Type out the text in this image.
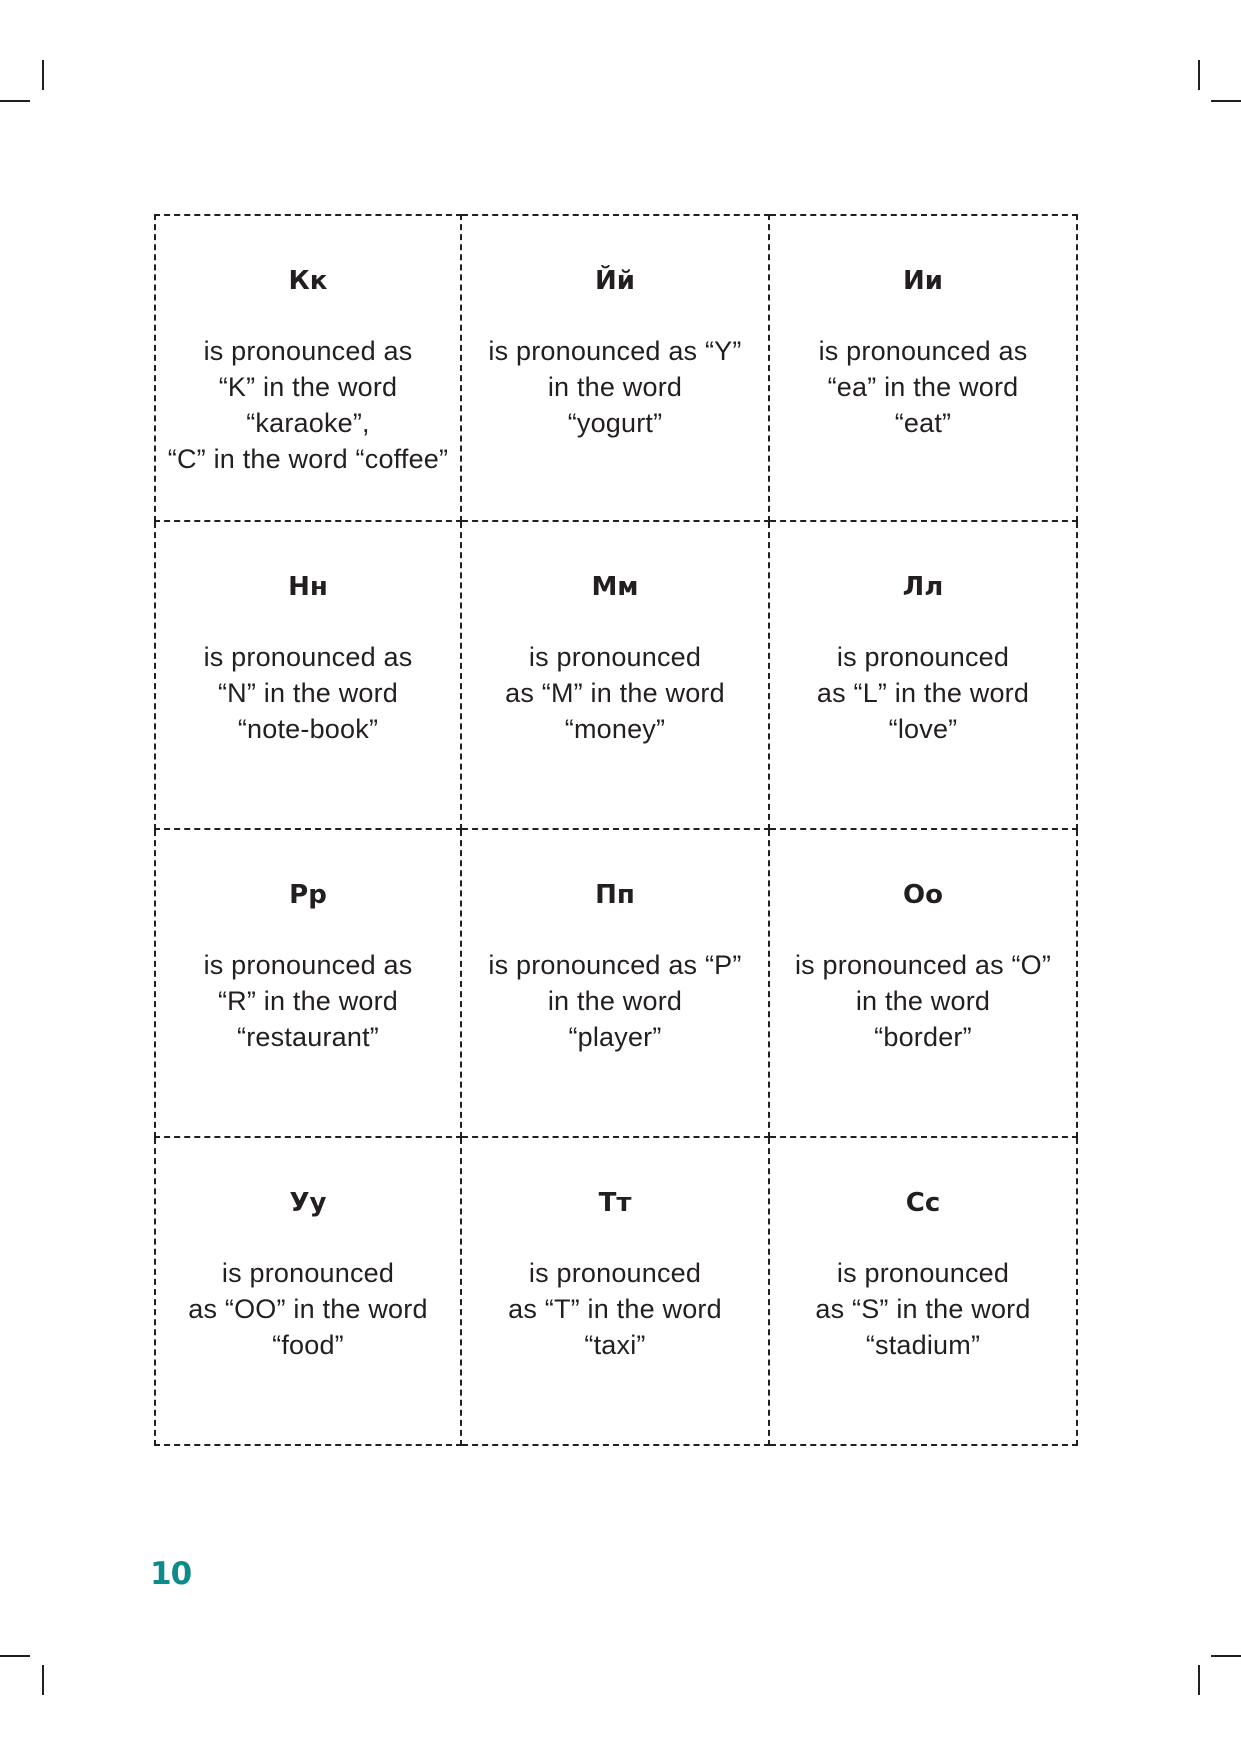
Кк
is pronounced as
“K” in the word
“karaoke”,
“C” in the word “coffee”
Йй
is pronounced as “Y”
in the word
“yogurt”
Ии
is pronounced as
“ea” in the word
“eat”
Нн
is pronounced as
“N” in the word
“note-book”
Мм
is pronounced
as “M” in the word
“money”
Лл
is pronounced
as “L” in the word
“love”
Рр
is pronounced as
“R” in the word
“restaurant”
Пп
is pronounced as “P”
in the word
“player”
Оо
is pronounced as “O”
in the word
“border”
Уу
is pronounced
as “OO” in the word
“food”
Тт
is pronounced
as “T” in the word
“taxi”
Сс
is pronounced
as “S” in the word
“stadium”
10
